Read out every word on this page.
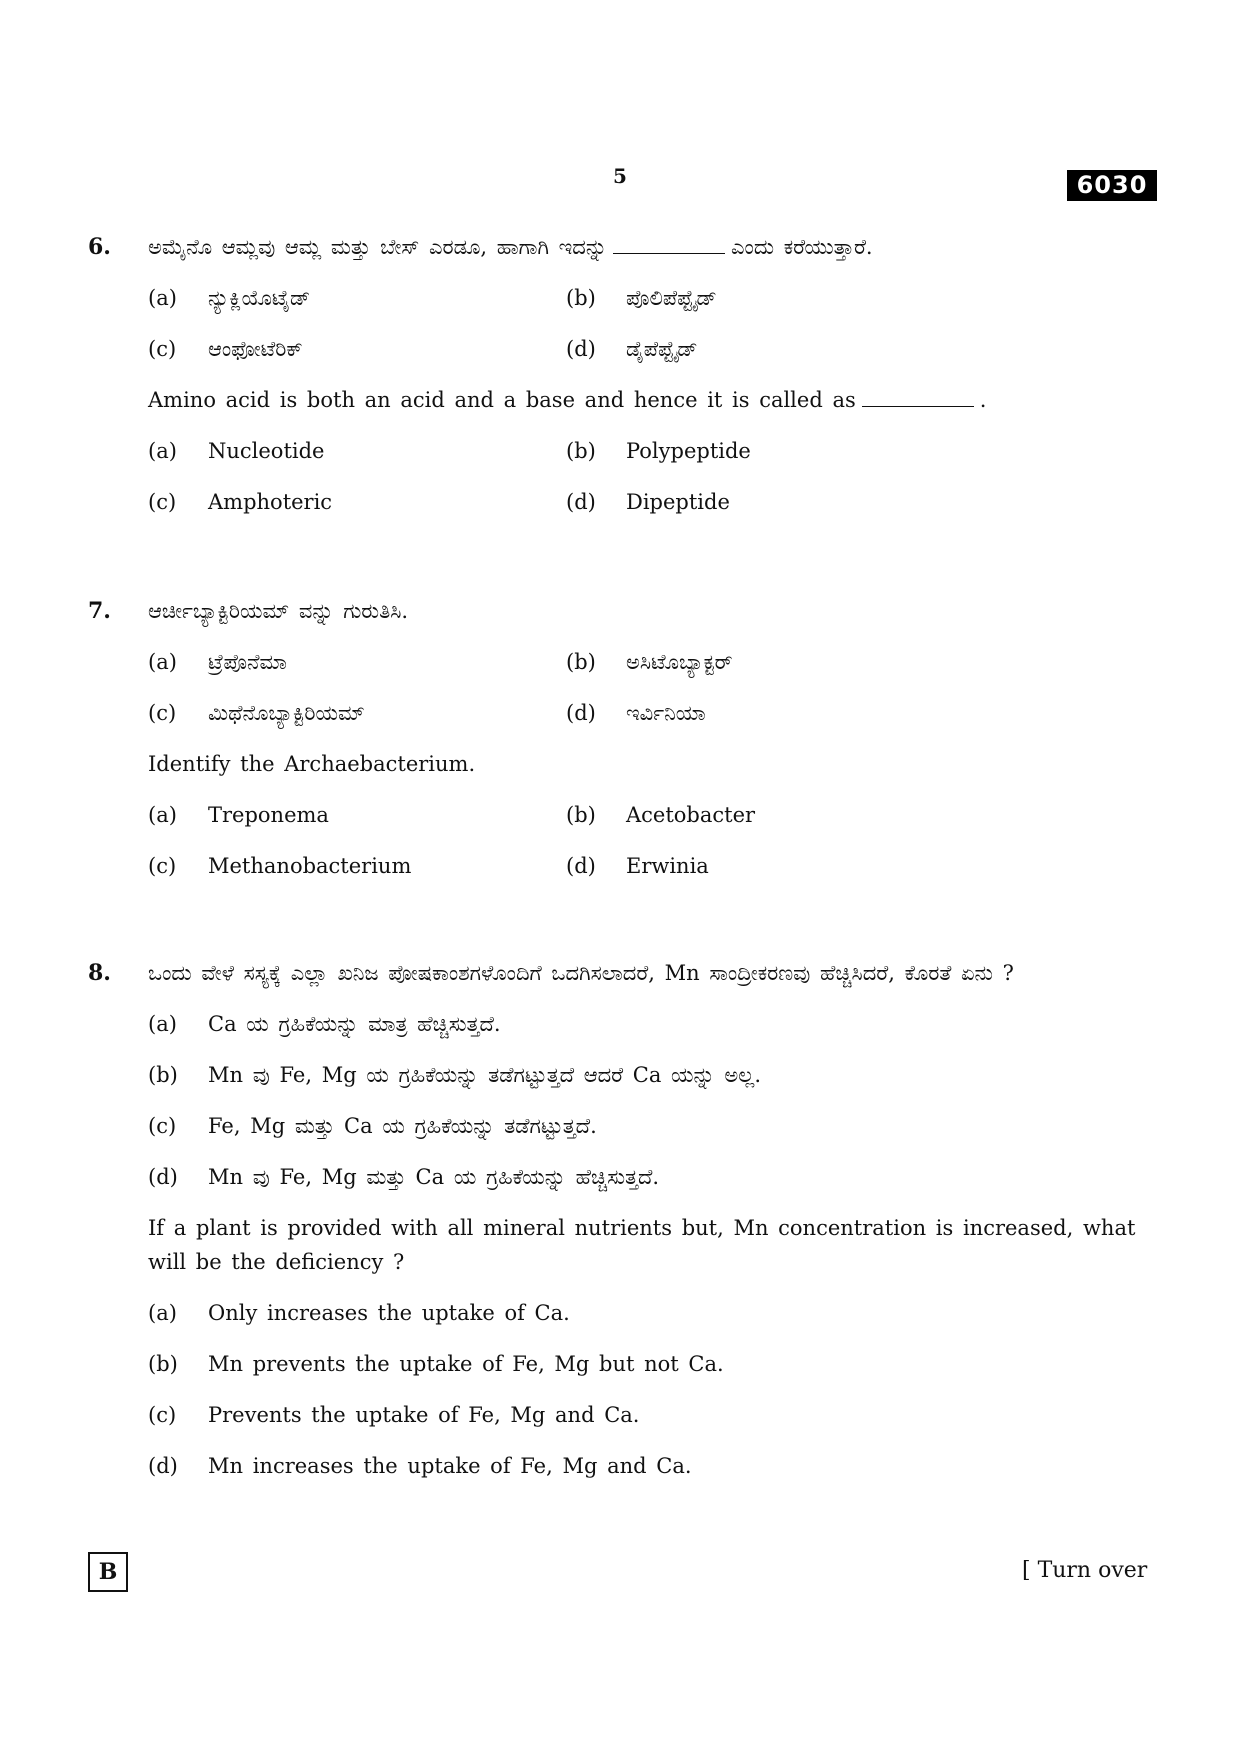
5	6030
6. ಅಮೈನೊ ಆಮ್ಲವು ಆಮ್ಲ ಮತ್ತು ಬೇಸ್ ಎರಡೂ, ಹಾಗಾಗಿ ಇದನ್ನು	ಎಂದು ಕರೆಯುತ್ತಾರೆ.

(a)	ನ್ಯುಕ್ಲಿಯೊಟೈಡ್	(b)	ಪೊಲಿಪೆಪ್ಟೈಡ್
(c)	ಆಂಫೋಟೆರಿಕ್	(d)	ಡೈಪೆಪ್ಟೈಡ್

Amino acid is both an acid and a base and hence it is called as	.

(a)	Nucleotide	(b)	Polypeptide
(c)	Amphoteric	(d)	Dipeptide
7. ಆರ್ಚೀಬ್ಯಾಕ್ಟಿರಿಯಮ್ ವನ್ನು ಗುರುತಿಸಿ.

(a)	ಟ್ರೆಪೊನೆಮಾ	(b)	ಅಸಿಟೊಬ್ಯಾಕ್ಟರ್
(c)	ಮಿಥೆನೊಬ್ಯಾಕ್ಟಿರಿಯಮ್	(d)	ಇರ್ವಿನಿಯಾ

Identify the Archaebacterium.

(a)	Treponema	(b)	Acetobacter
(c)	Methanobacterium	(d)	Erwinia
8. ಒಂದು ವೇಳೆ ಸಸ್ಯಕ್ಕೆ ಎಲ್ಲಾ ಖನಿಜ ಪೋಷಕಾಂಶಗಳೊಂದಿಗೆ ಒದಗಿಸಲಾದರೆ, Mn ಸಾಂದ್ರೀಕರಣವು ಹೆಚ್ಚಿಸಿದರೆ, ಕೊರತೆ ಏನು ?

(a)	Ca ಯ ಗ್ರಹಿಕೆಯನ್ನು ಮಾತ್ರ ಹೆಚ್ಚಿಸುತ್ತದೆ.
(b)	Mn ವು Fe, Mg ಯ ಗ್ರಹಿಕೆಯನ್ನು ತಡೆಗಟ್ಟುತ್ತದೆ ಆದರೆ Ca ಯನ್ನು ಅಲ್ಲ.
(c)	Fe, Mg ಮತ್ತು Ca ಯ ಗ್ರಹಿಕೆಯನ್ನು ತಡೆಗಟ್ಟುತ್ತದೆ.
(d)	Mn ವು Fe, Mg ಮತ್ತು Ca ಯ ಗ್ರಹಿಕೆಯನ್ನು ಹೆಚ್ಚಿಸುತ್ತದೆ.

If a plant is provided with all mineral nutrients but, Mn concentration is increased, what will be the deficiency ?

(a)	Only increases the uptake of Ca.
(b)	Mn prevents the uptake of Fe, Mg but not Ca.
(c)	Prevents the uptake of Fe, Mg and Ca.
(d)	Mn increases the uptake of Fe, Mg and Ca.
B	[ Turn over
